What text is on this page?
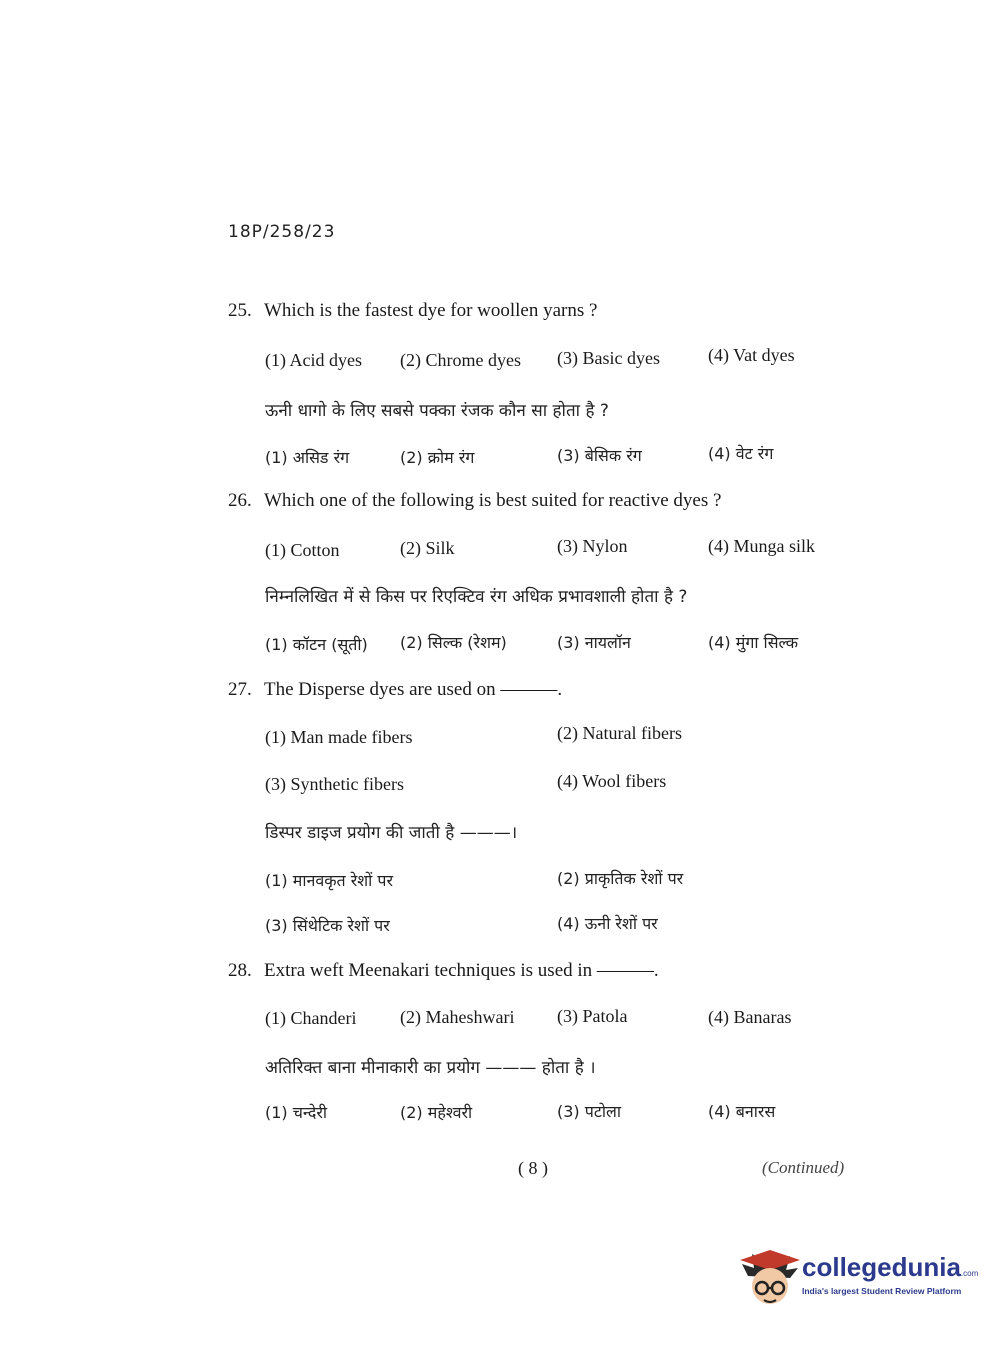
18P/258/23
25. Which is the fastest dye for woollen yarns ?
(1) Acid dyes (2) Chrome dyes (3) Basic dyes	(4) Vat dyes
ऊनी धागो के लिए सबसे पक्का रंजक कौन सा होता है ?
(1) असिड रंग	(2) क्रोम रंग	(3) बेसिक रंग	(4) वेट रंग
26. Which one of the following is best suited for reactive dyes ?
(1) Cotton	(2) Silk	(3) Nylon	(4) Munga silk
निम्नलिखित में से किस पर रिएक्टिव रंग अधिक प्रभावशाली होता है ?
(1) कॉटन (सूती) (2) सिल्क (रेशम)	(3) नायलॉन	(4) मुंगा सिल्क
27. The Disperse dyes are used on ———.
(1) Man made fibers	(2) Natural fibers
(3) Synthetic fibers	(4) Wool fibers
डिस्पर डाइज प्रयोग की जाती है ———।
(1) मानवकृत रेशों पर	(2) प्राकृतिक रेशों पर
(3) सिंथेटिक रेशों पर	(4) ऊनी रेशों पर
28. Extra weft Meenakari techniques is used in ———.
(1) Chanderi (2) Maheshwari (3) Patola	(4) Banaras
अतिरिक्त बाना मीनाकारी का प्रयोग ——— होता है ।
(1) चन्देरी	(2) महेश्वरी	(3) पटोला	(4) बनारस
( 8 )	(Continued)
collegedunia.com
India's largest Student Review Platform
